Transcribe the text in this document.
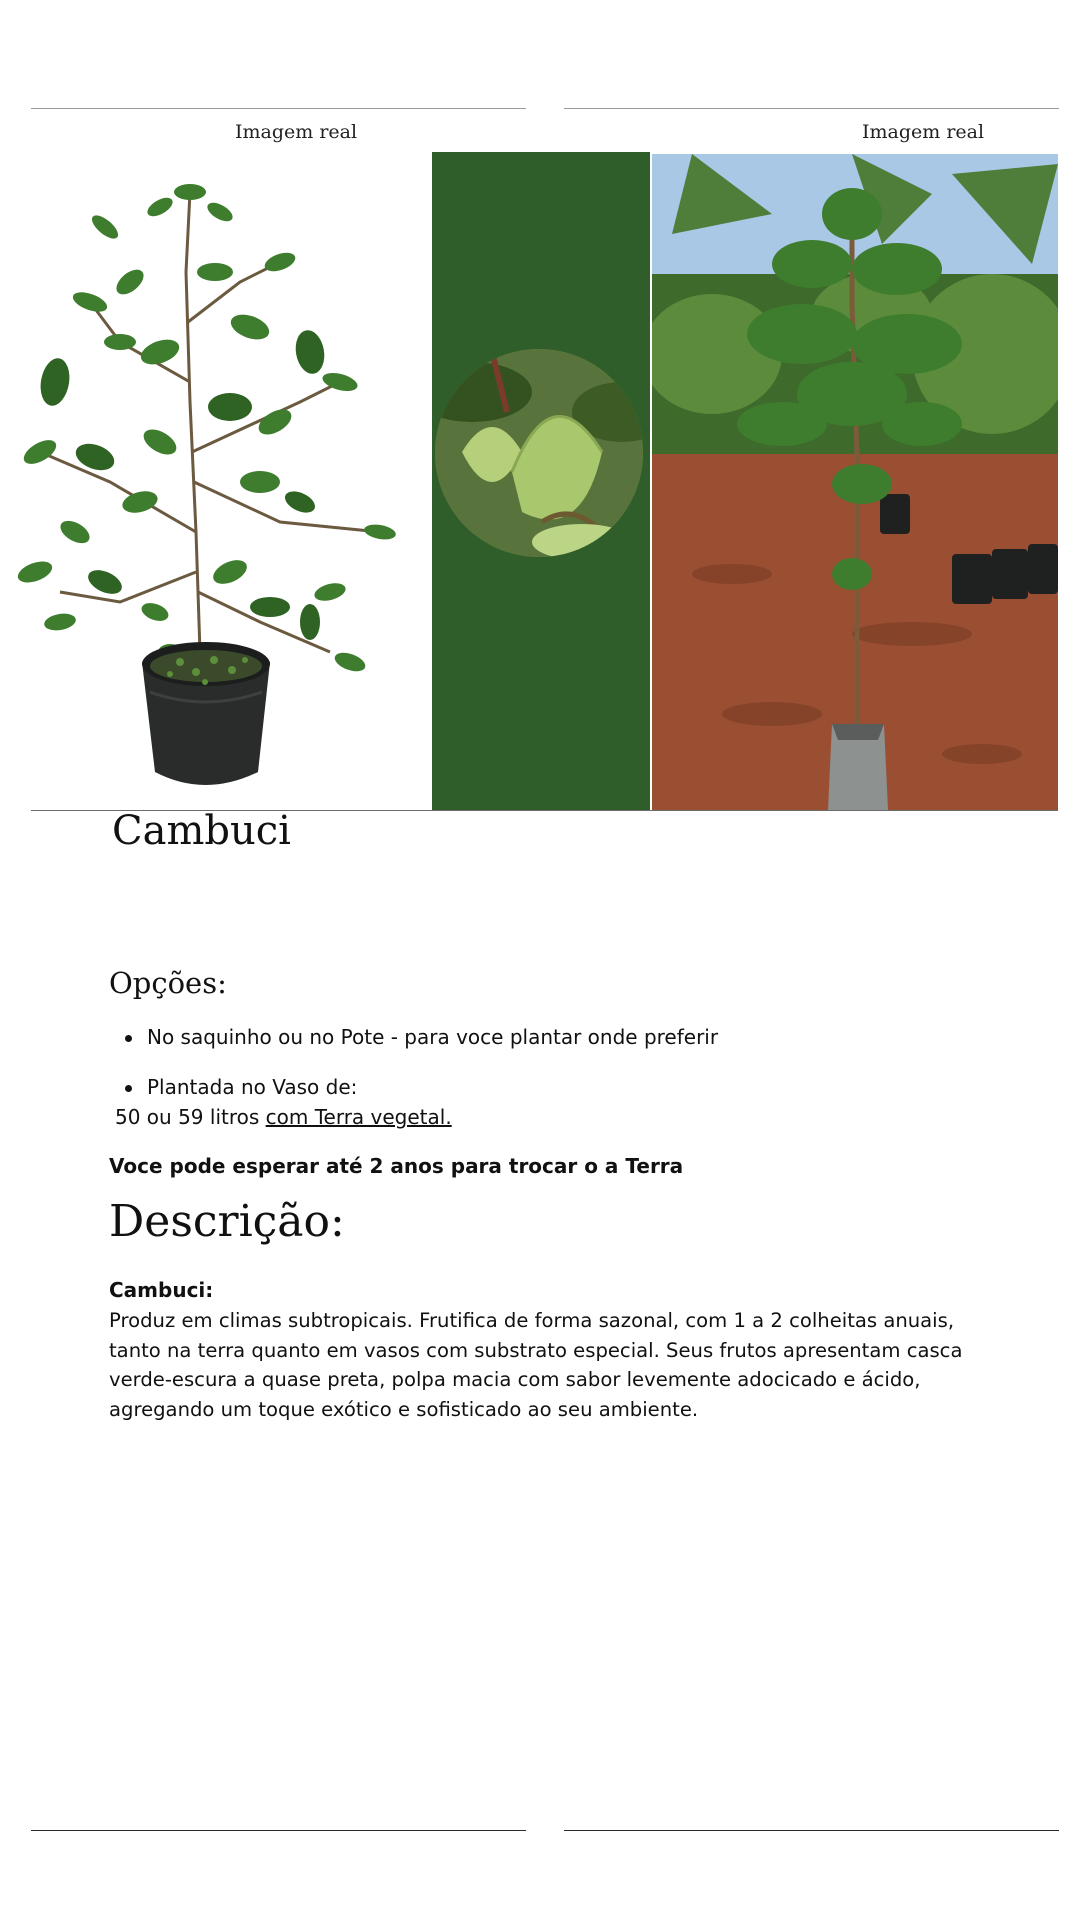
Imagem real	Imagem real
Cambuci
Opções:
No saquinho ou no Pote - para voce plantar onde preferir
Plantada no Vaso de:
50 ou 59 litros com Terra vegetal.
Voce pode esperar até 2 anos para trocar o a Terra
Descrição:
Cambuci:
Produz em climas subtropicais. Frutifica de forma sazonal, com 1 a 2 colheitas anuais, tanto na terra quanto em vasos com substrato especial. Seus frutos apresentam casca verde-escura a quase preta, polpa macia com sabor levemente adocicado e ácido, agregando um toque exótico e sofisticado ao seu ambiente.
